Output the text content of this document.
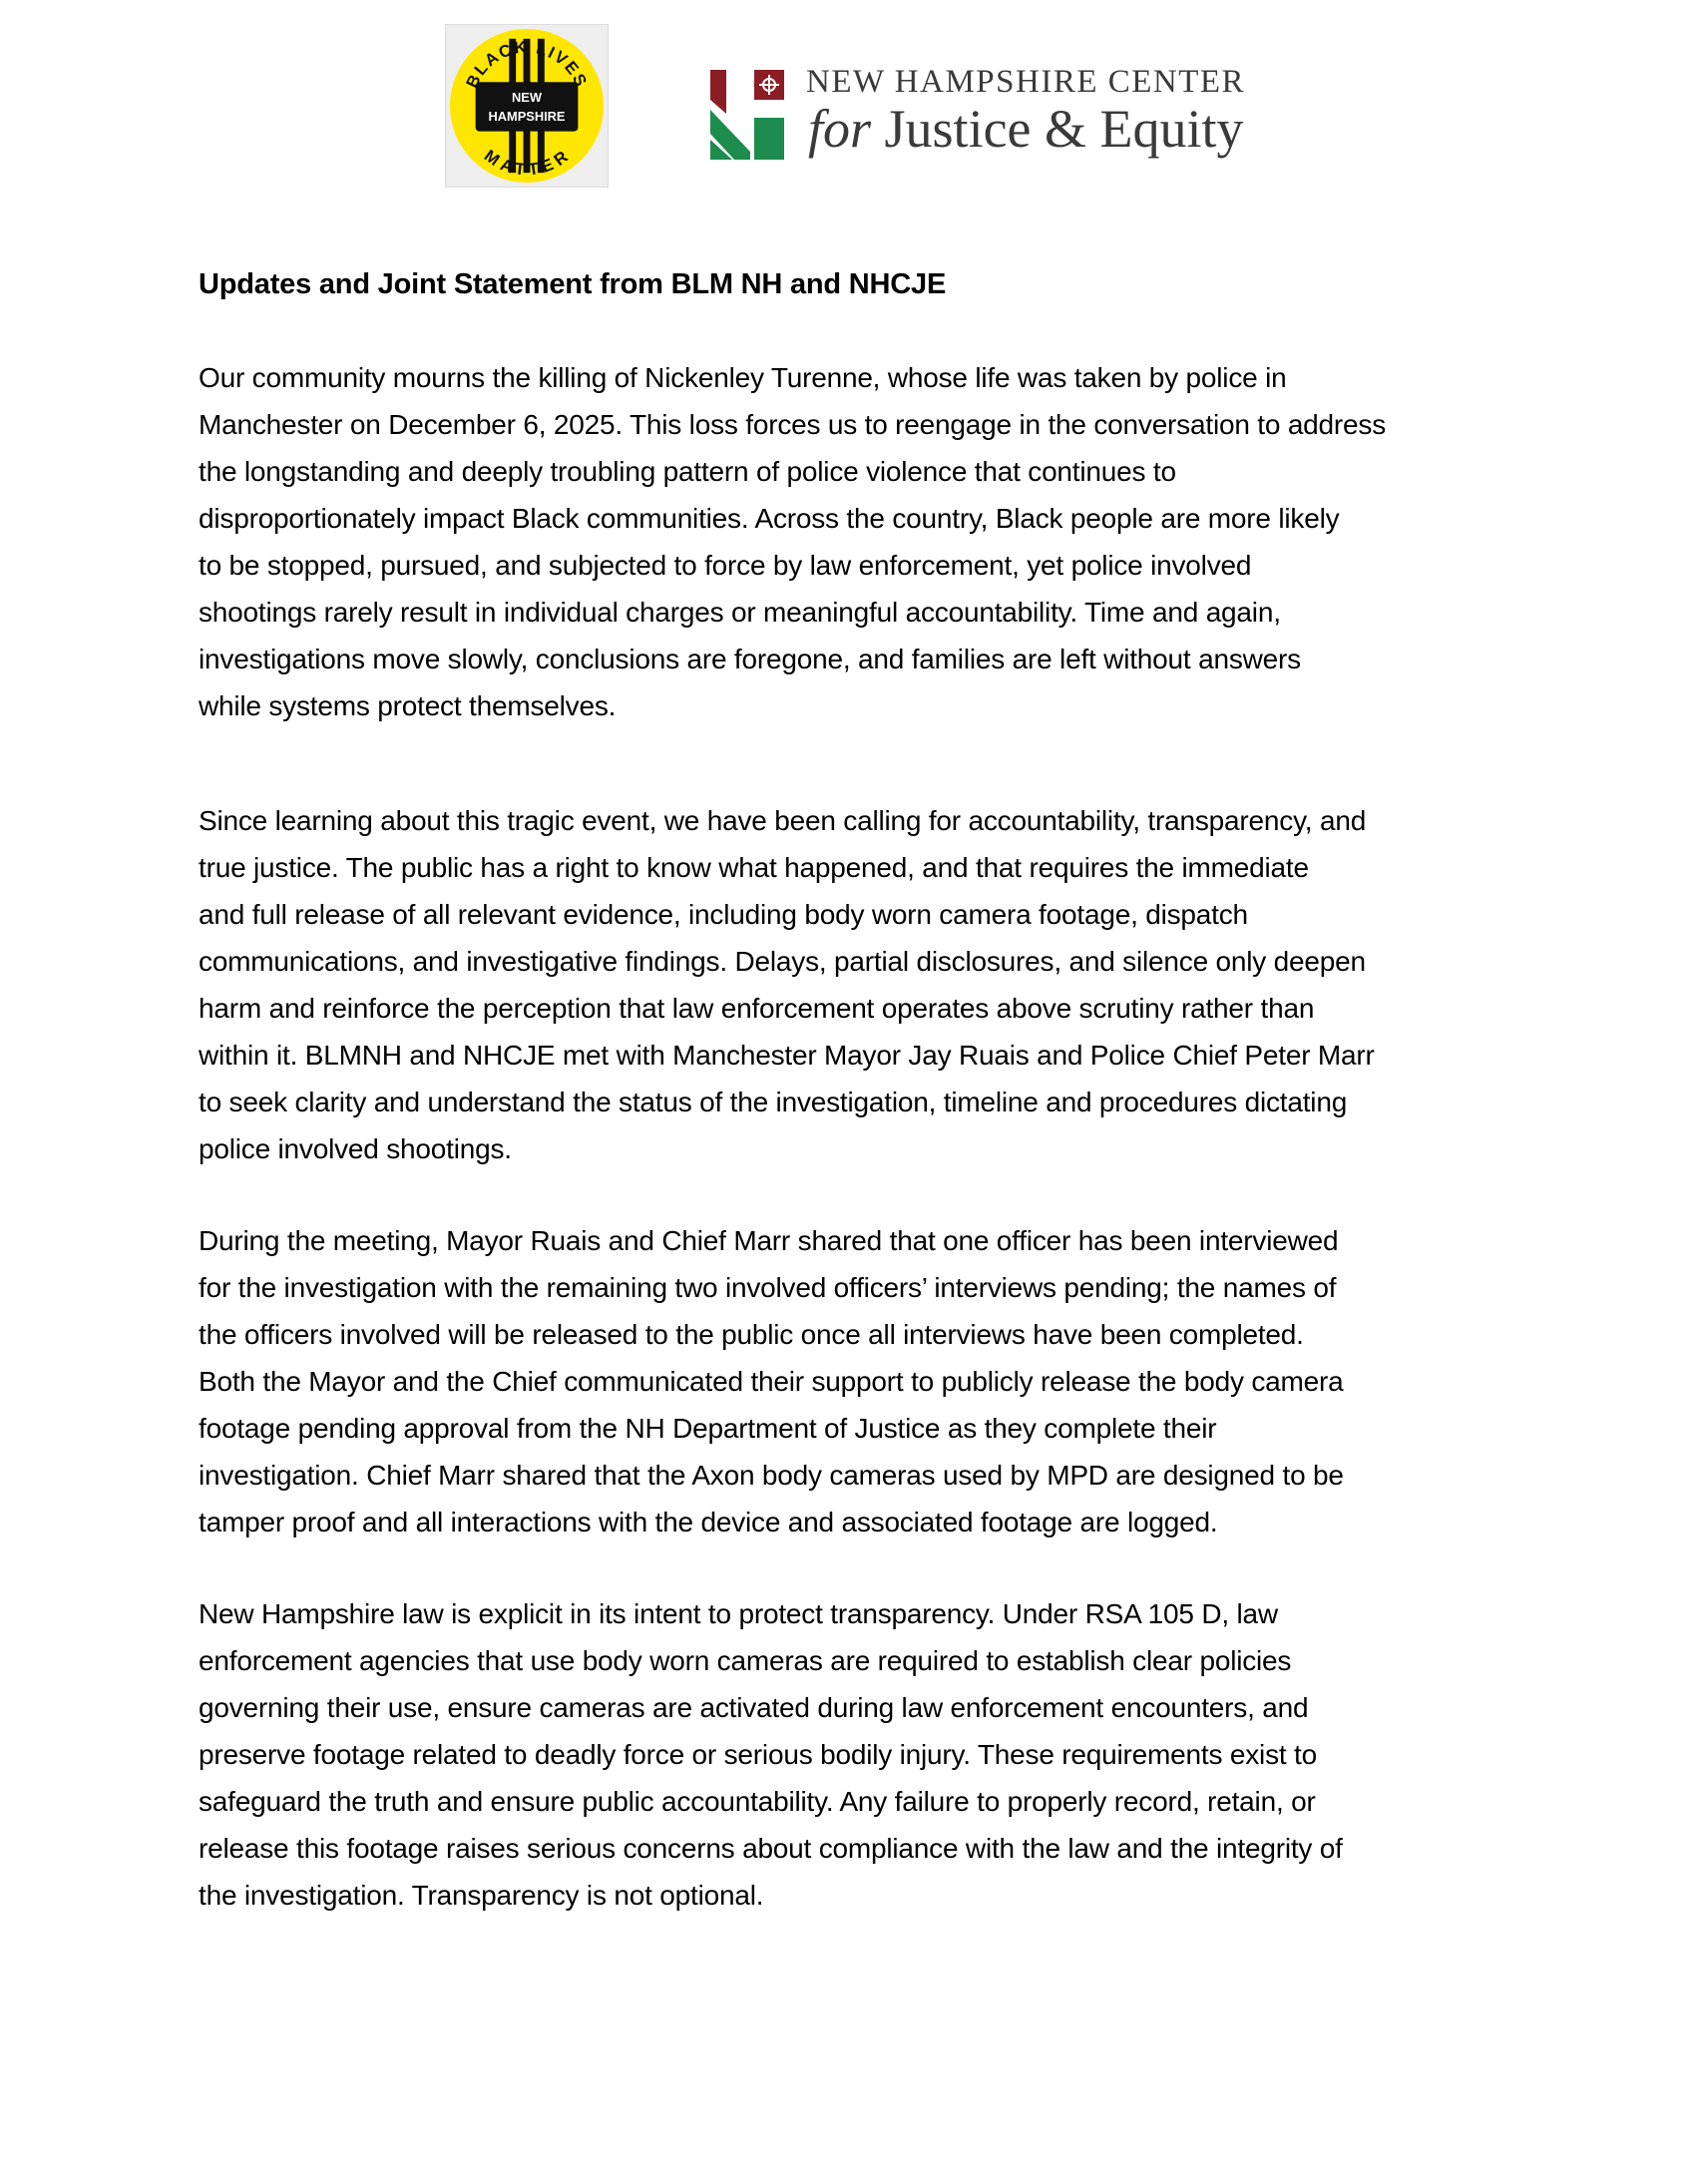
BLACK LIVES
MATTER
NEW
HAMPSHIRE
NEW HAMPSHIRE CENTER
for Justice & Equity
Updates and Joint Statement from BLM NH and NHCJE

Our community mourns the killing of Nickenley Turenne, whose life was taken by police in
Manchester on December 6, 2025. This loss forces us to reengage in the conversation to address
the longstanding and deeply troubling pattern of police violence that continues to
disproportionately impact Black communities. Across the country, Black people are more likely
to be stopped, pursued, and subjected to force by law enforcement, yet police involved
shootings rarely result in individual charges or meaningful accountability. Time and again,
investigations move slowly, conclusions are foregone, and families are left without answers
while systems protect themselves.

Since learning about this tragic event, we have been calling for accountability, transparency, and
true justice. The public has a right to know what happened, and that requires the immediate
and full release of all relevant evidence, including body worn camera footage, dispatch
communications, and investigative findings. Delays, partial disclosures, and silence only deepen
harm and reinforce the perception that law enforcement operates above scrutiny rather than
within it. BLMNH and NHCJE met with Manchester Mayor Jay Ruais and Police Chief Peter Marr
to seek clarity and understand the status of the investigation, timeline and procedures dictating
police involved shootings.

During the meeting, Mayor Ruais and Chief Marr shared that one officer has been interviewed
for the investigation with the remaining two involved officers’ interviews pending; the names of
the officers involved will be released to the public once all interviews have been completed.
Both the Mayor and the Chief communicated their support to publicly release the body camera
footage pending approval from the NH Department of Justice as they complete their
investigation. Chief Marr shared that the Axon body cameras used by MPD are designed to be
tamper proof and all interactions with the device and associated footage are logged.

New Hampshire law is explicit in its intent to protect transparency. Under RSA 105 D, law
enforcement agencies that use body worn cameras are required to establish clear policies
governing their use, ensure cameras are activated during law enforcement encounters, and
preserve footage related to deadly force or serious bodily injury. These requirements exist to
safeguard the truth and ensure public accountability. Any failure to properly record, retain, or
release this footage raises serious concerns about compliance with the law and the integrity of
the investigation. Transparency is not optional.
